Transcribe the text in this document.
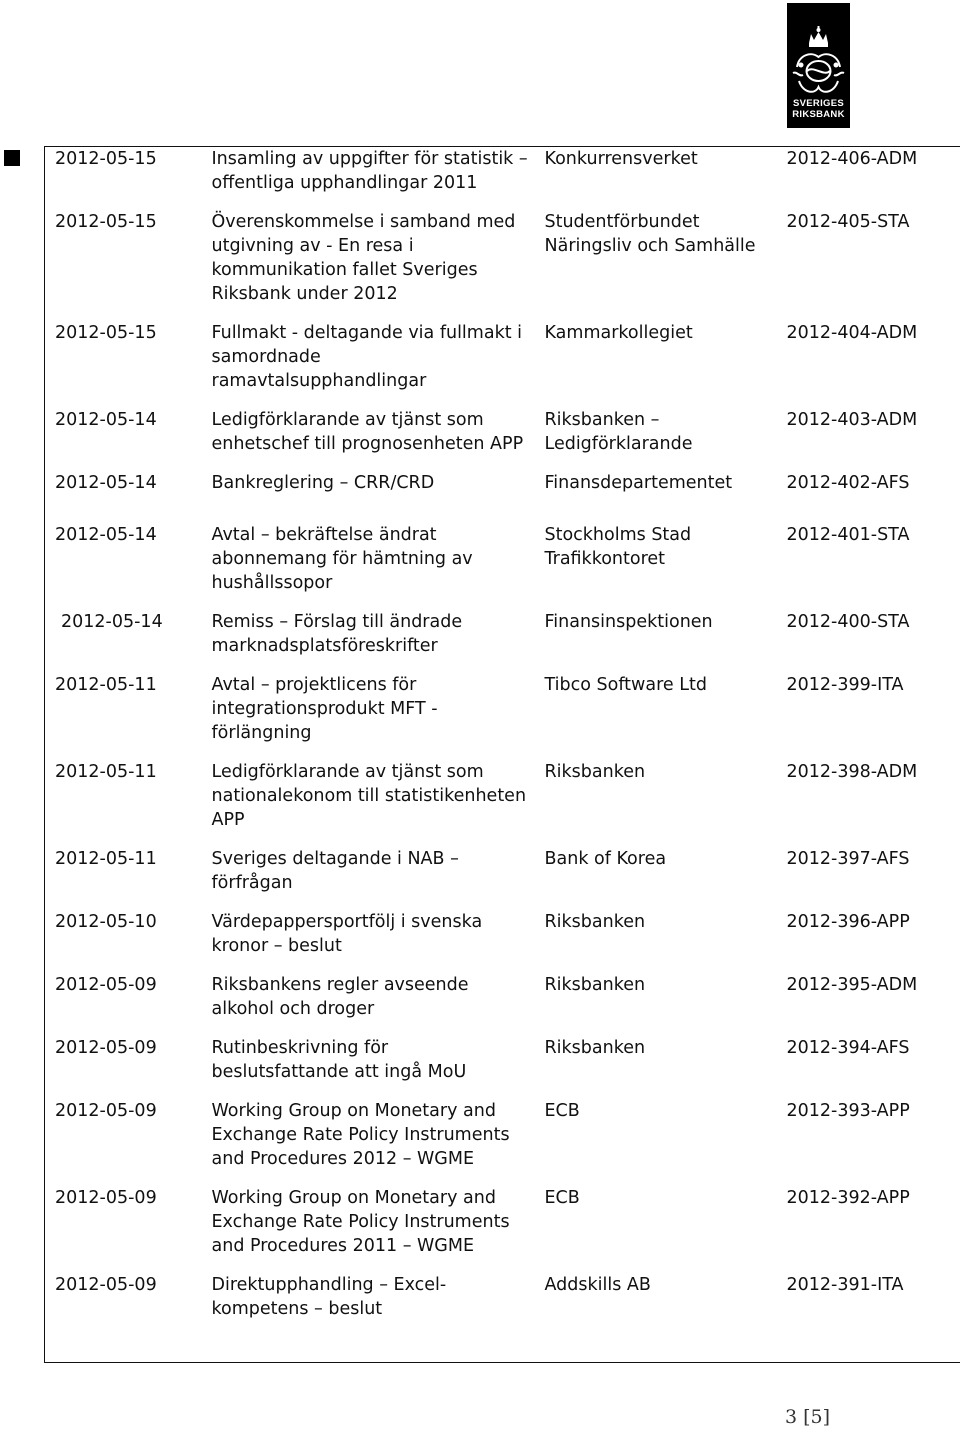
SVERIGES
RIKSBANK
2012-05-15	Insamling av uppgifter för statistik –
offentliga upphandlingar 2011	Konkurrensverket	2012-406-ADM
2012-05-15	Överenskommelse i samband med
utgivning av - En resa i
kommunikation fallet Sveriges
Riksbank under 2012	Studentförbundet
Näringsliv och Samhälle	2012-405-STA
2012-05-15	Fullmakt - deltagande via fullmakt i
samordnade
ramavtalsupphandlingar	Kammarkollegiet	2012-404-ADM
2012-05-14	Ledigförklarande av tjänst som
enhetschef till prognosenheten APP	Riksbanken –
Ledigförklarande	2012-403-ADM
2012-05-14	Bankreglering – CRR/CRD	Finansdepartementet	2012-402-AFS
2012-05-14	Avtal – bekräftelse ändrat
abonnemang för hämtning av
hushållssopor	Stockholms Stad
Trafikkontoret	2012-401-STA
2012-05-14	Remiss – Förslag till ändrade
marknadsplatsföreskrifter	Finansinspektionen	2012-400-STA
2012-05-11	Avtal – projektlicens för
integrationsprodukt MFT -
förlängning	Tibco Software Ltd	2012-399-ITA
2012-05-11	Ledigförklarande av tjänst som
nationalekonom till statistikenheten
APP	Riksbanken	2012-398-ADM
2012-05-11	Sveriges deltagande i NAB –
förfrågan	Bank of Korea	2012-397-AFS
2012-05-10	Värdepappersportfölj i svenska
kronor – beslut	Riksbanken	2012-396-APP
2012-05-09	Riksbankens regler avseende
alkohol och droger	Riksbanken	2012-395-ADM
2012-05-09	Rutinbeskrivning för
beslutsfattande att ingå MoU	Riksbanken	2012-394-AFS
2012-05-09	Working Group on Monetary and
Exchange Rate Policy Instruments
and Procedures 2012 – WGME	ECB	2012-393-APP
2012-05-09	Working Group on Monetary and
Exchange Rate Policy Instruments
and Procedures 2011 – WGME	ECB	2012-392-APP
2012-05-09	Direktupphandling – Excel-
kompetens – beslut	Addskills AB	2012-391-ITA
3 [5]
